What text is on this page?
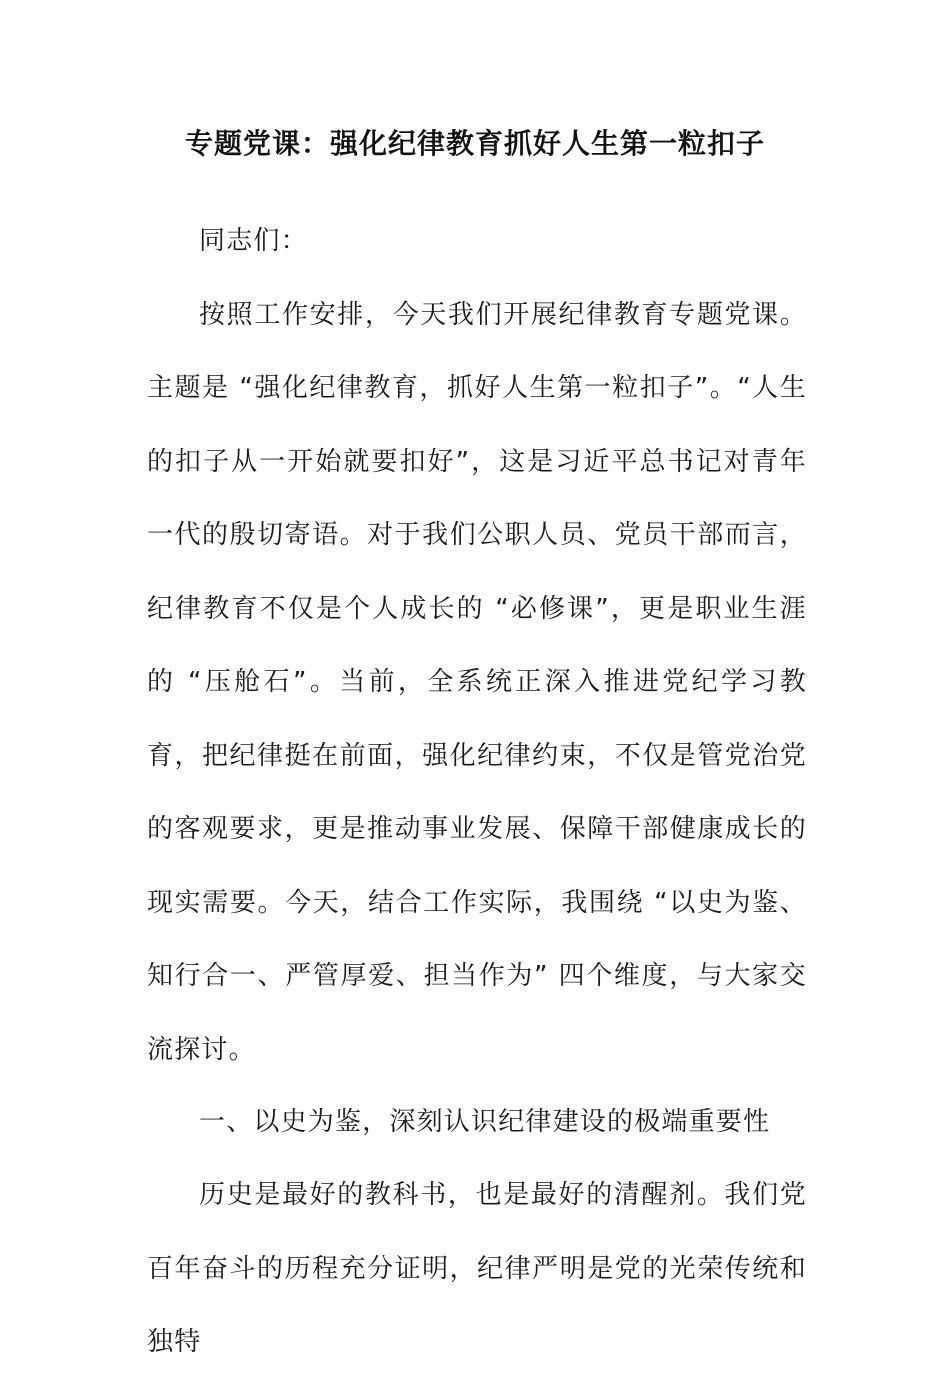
专题党课：强化纪律教育抓好人生第一粒扣子

同志们：

按照工作安排，今天我们开展纪律教育专题党课。主题是 “强化纪律教育，抓好人生第一粒扣子”。“人生的扣子从一开始就要扣好”，这是习近平总书记对青年一代的殷切寄语。对于我们公职人员、党员干部而言，纪律教育不仅是个人成长的 “必修课”，更是职业生涯的 “压舱石”。当前，全系统正深入推进党纪学习教育，把纪律挺在前面，强化纪律约束，不仅是管党治党的客观要求，更是推动事业发展、保障干部健康成长的现实需要。今天，结合工作实际，我围绕 “以史为鉴、知行合一、严管厚爱、担当作为” 四个维度，与大家交流探讨。

一、以史为鉴，深刻认识纪律建设的极端重要性

历史是最好的教科书，也是最好的清醒剂。我们党百年奋斗的历程充分证明，纪律严明是党的光荣传统和独特
